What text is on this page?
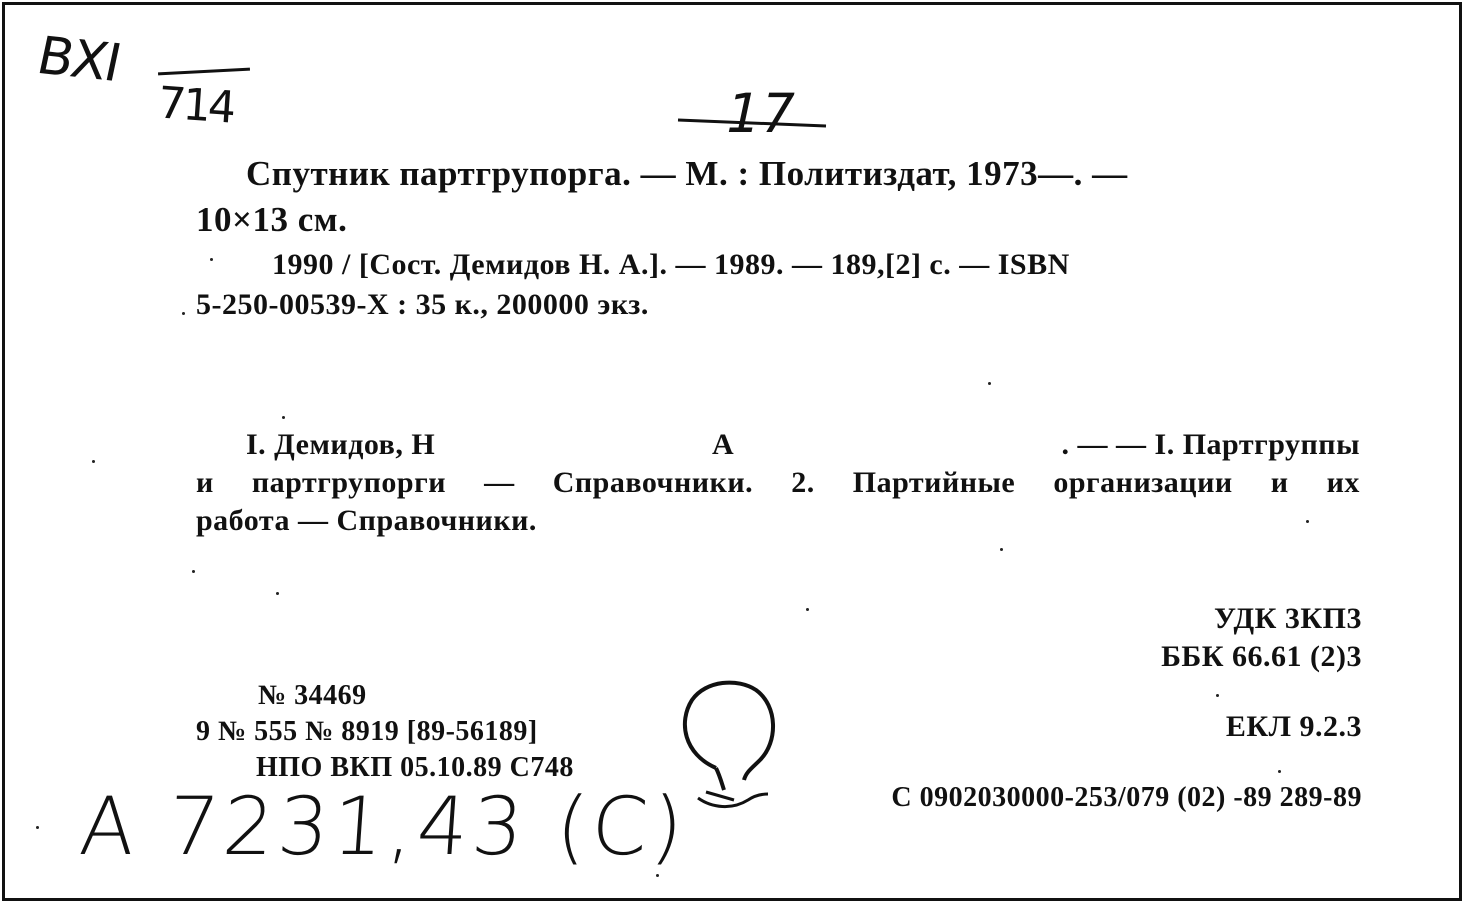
BXI
714	17
Спутник партгрупорга. — М. : Политиздат, 1973—. —
10×13 см.
1990 / [Сост. Демидов Н. А.]. — 1989. — 189,[2] с. — ISBN
5-250-00539-X : 35 к., 200000 экз.
I. Демидов, Н	А	. — — I. Партгруппы
и партгрупорги — Справочники. 2. Партийные организации и их
работа — Справочники.
УДК 3КП3
ББК 66.61 (2)3
ЕКЛ 9.2.3
№ 34469
9 № 555 № 8919 [89-56189]
НПО ВКП 05.10.89 С748
С 0902030000-253/079 (02) -89 289-89
A 7231,43 (C)
